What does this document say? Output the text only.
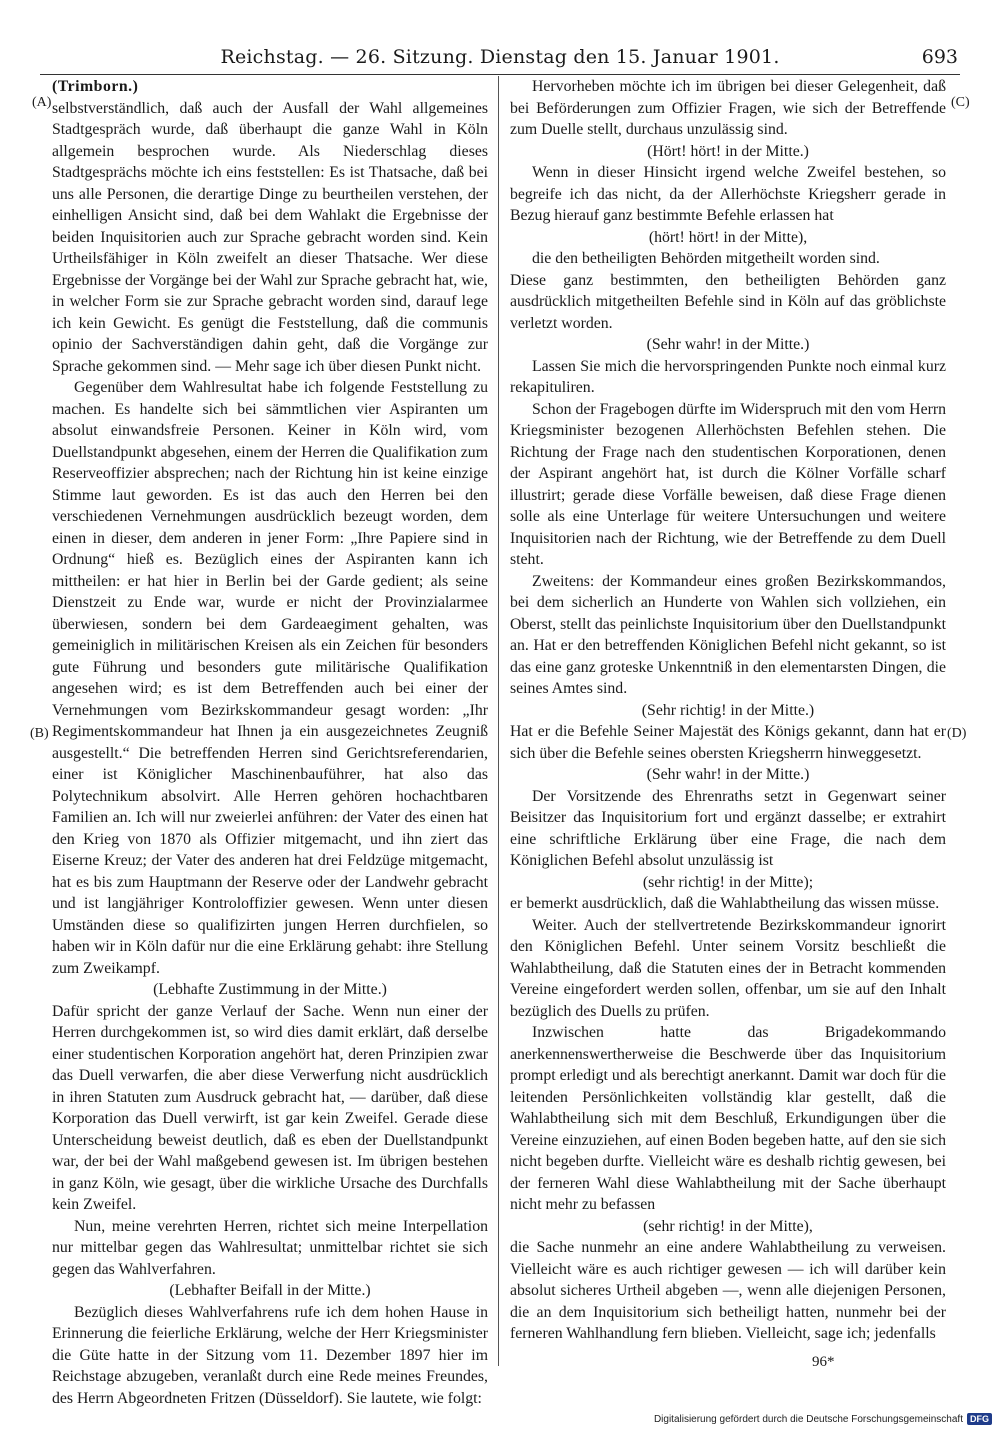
Reichstag. — 26. Sitzung. Dienstag den 15. Januar 1901.	693
(A)
(B)
(C)
(D)

(Trimborn.)

selbstverständlich, daß auch der Ausfall der Wahl allgemeines Stadtgespräch wurde, daß überhaupt die ganze Wahl in Köln allgemein besprochen wurde. Als Niederschlag dieses Stadtgesprächs möchte ich eins feststellen: Es ist Thatsache, daß bei uns alle Personen, die derartige Dinge zu beurtheilen verstehen, der einhelligen Ansicht sind, daß bei dem Wahlakt die Ergebnisse der beiden Inquisitorien auch zur Sprache gebracht worden sind. Kein Urtheilsfähiger in Köln zweifelt an dieser Thatsache. Wer diese Ergebnisse der Vorgänge bei der Wahl zur Sprache gebracht hat, wie, in welcher Form sie zur Sprache gebracht worden sind, darauf lege ich kein Gewicht. Es genügt die Feststellung, daß die communis opinio der Sachverständigen dahin geht, daß die Vorgänge zur Sprache gekommen sind. — Mehr sage ich über diesen Punkt nicht.

Gegenüber dem Wahlresultat habe ich folgende Feststellung zu machen. Es handelte sich bei sämmtlichen vier Aspiranten um absolut einwandsfreie Personen. Keiner in Köln wird, vom Duellstandpunkt abgesehen, einem der Herren die Qualifikation zum Reserveoffizier absprechen; nach der Richtung hin ist keine einzige Stimme laut geworden. Es ist das auch den Herren bei den verschiedenen Vernehmungen ausdrücklich bezeugt worden, dem einen in dieser, dem anderen in jener Form: „Ihre Papiere sind in Ordnung“ hieß es. Bezüglich eines der Aspiranten kann ich mittheilen: er hat hier in Berlin bei der Garde gedient; als seine Dienstzeit zu Ende war, wurde er nicht der Provinzialarmee überwiesen, sondern bei dem Gardeaegiment gehalten, was gemeiniglich in militärischen Kreisen als ein Zeichen für besonders gute Führung und besonders gute militärische Qualifikation angesehen wird; es ist dem Betreffenden auch bei einer der Vernehmungen vom Bezirkskommandeur gesagt worden: „Ihr Regimentskommandeur hat Ihnen ja ein ausgezeichnetes Zeugniß ausgestellt.“ Die betreffenden Herren sind Gerichtsreferendarien, einer ist Königlicher Maschinenbauführer, hat also das Polytechnikum absolvirt. Alle Herren gehören hochachtbaren Familien an. Ich will nur zweierlei anführen: der Vater des einen hat den Krieg von 1870 als Offizier mitgemacht, und ihn ziert das Eiserne Kreuz; der Vater des anderen hat drei Feldzüge mitgemacht, hat es bis zum Hauptmann der Reserve oder der Landwehr gebracht und ist langjähriger Kontroloffizier gewesen. Wenn unter diesen Umständen diese so qualifizirten jungen Herren durchfielen, so haben wir in Köln dafür nur die eine Erklärung gehabt: ihre Stellung zum Zweikampf.

(Lebhafte Zustimmung in der Mitte.)

Dafür spricht der ganze Verlauf der Sache. Wenn nun einer der Herren durchgekommen ist, so wird dies damit erklärt, daß derselbe einer studentischen Korporation angehört hat, deren Prinzipien zwar das Duell verwarfen, die aber diese Verwerfung nicht ausdrücklich in ihren Statuten zum Ausdruck gebracht hat, — darüber, daß diese Korporation das Duell verwirft, ist gar kein Zweifel. Gerade diese Unterscheidung beweist deutlich, daß es eben der Duellstandpunkt war, der bei der Wahl maßgebend gewesen ist. Im übrigen bestehen in ganz Köln, wie gesagt, über die wirkliche Ursache des Durchfalls kein Zweifel.

Nun, meine verehrten Herren, richtet sich meine Interpellation nur mittelbar gegen das Wahlresultat; unmittelbar richtet sie sich gegen das Wahlverfahren.

(Lebhafter Beifall in der Mitte.)

Bezüglich dieses Wahlverfahrens rufe ich dem hohen Hause in Erinnerung die feierliche Erklärung, welche der Herr Kriegsminister die Güte hatte in der Sitzung vom 11. Dezember 1897 hier im Reichstage abzugeben, veranlaßt durch eine Rede meines Freundes, des Herrn Abgeordneten Fritzen (Düsseldorf). Sie lautete, wie folgt:

Hervorheben möchte ich im übrigen bei dieser Gelegenheit, daß bei Beförderungen zum Offizier Fragen, wie sich der Betreffende zum Duelle stellt, durchaus unzulässig sind.

(Hört! hört! in der Mitte.)

Wenn in dieser Hinsicht irgend welche Zweifel bestehen, so begreife ich das nicht, da der Allerhöchste Kriegsherr gerade in Bezug hierauf ganz bestimmte Befehle erlassen hat

(hört! hört! in der Mitte),

die den betheiligten Behörden mitgetheilt worden sind.

Diese ganz bestimmten, den betheiligten Behörden ganz ausdrücklich mitgetheilten Befehle sind in Köln auf das gröblichste verletzt worden.

(Sehr wahr! in der Mitte.)

Lassen Sie mich die hervorspringenden Punkte noch einmal kurz rekapituliren.

Schon der Fragebogen dürfte im Widerspruch mit den vom Herrn Kriegsminister bezogenen Allerhöchsten Befehlen stehen. Die Richtung der Frage nach den studentischen Korporationen, denen der Aspirant angehört hat, ist durch die Kölner Vorfälle scharf illustrirt; gerade diese Vorfälle beweisen, daß diese Frage dienen solle als eine Unterlage für weitere Untersuchungen und weitere Inquisitorien nach der Richtung, wie der Betreffende zu dem Duell steht.

Zweitens: der Kommandeur eines großen Bezirkskommandos, bei dem sicherlich an Hunderte von Wahlen sich vollziehen, ein Oberst, stellt das peinlichste Inquisitorium über den Duellstandpunkt an. Hat er den betreffenden Königlichen Befehl nicht gekannt, so ist das eine ganz groteske Unkenntniß in den elementarsten Dingen, die seines Amtes sind.

(Sehr richtig! in der Mitte.)

Hat er die Befehle Seiner Majestät des Königs gekannt, dann hat er sich über die Befehle seines obersten Kriegsherrn hinweggesetzt.

(Sehr wahr! in der Mitte.)

Der Vorsitzende des Ehrenraths setzt in Gegenwart seiner Beisitzer das Inquisitorium fort und ergänzt dasselbe; er extrahirt eine schriftliche Erklärung über eine Frage, die nach dem Königlichen Befehl absolut unzulässig ist

(sehr richtig! in der Mitte);

er bemerkt ausdrücklich, daß die Wahlabtheilung das wissen müsse.

Weiter. Auch der stellvertretende Bezirkskommandeur ignorirt den Königlichen Befehl. Unter seinem Vorsitz beschließt die Wahlabtheilung, daß die Statuten eines der in Betracht kommenden Vereine eingefordert werden sollen, offenbar, um sie auf den Inhalt bezüglich des Duells zu prüfen.

Inzwischen hatte das Brigadekommando anerkennenswertherweise die Beschwerde über das Inquisitorium prompt erledigt und als berechtigt anerkannt. Damit war doch für die leitenden Persönlichkeiten vollständig klar gestellt, daß die Wahlabtheilung sich mit dem Beschluß, Erkundigungen über die Vereine einzuziehen, auf einen Boden begeben hatte, auf den sie sich nicht begeben durfte. Vielleicht wäre es deshalb richtig gewesen, bei der ferneren Wahl diese Wahlabtheilung mit der Sache überhaupt nicht mehr zu befassen

(sehr richtig! in der Mitte),

die Sache nunmehr an eine andere Wahlabtheilung zu verweisen. Vielleicht wäre es auch richtiger gewesen — ich will darüber kein absolut sicheres Urtheil abgeben —, wenn alle diejenigen Personen, die an dem Inquisitorium sich betheiligt hatten, nunmehr bei der ferneren Wahlhandlung fern blieben. Vielleicht, sage ich; jedenfalls

96*
Digitalisierung gefördert durch die Deutsche Forschungsgemeinschaft DFG
